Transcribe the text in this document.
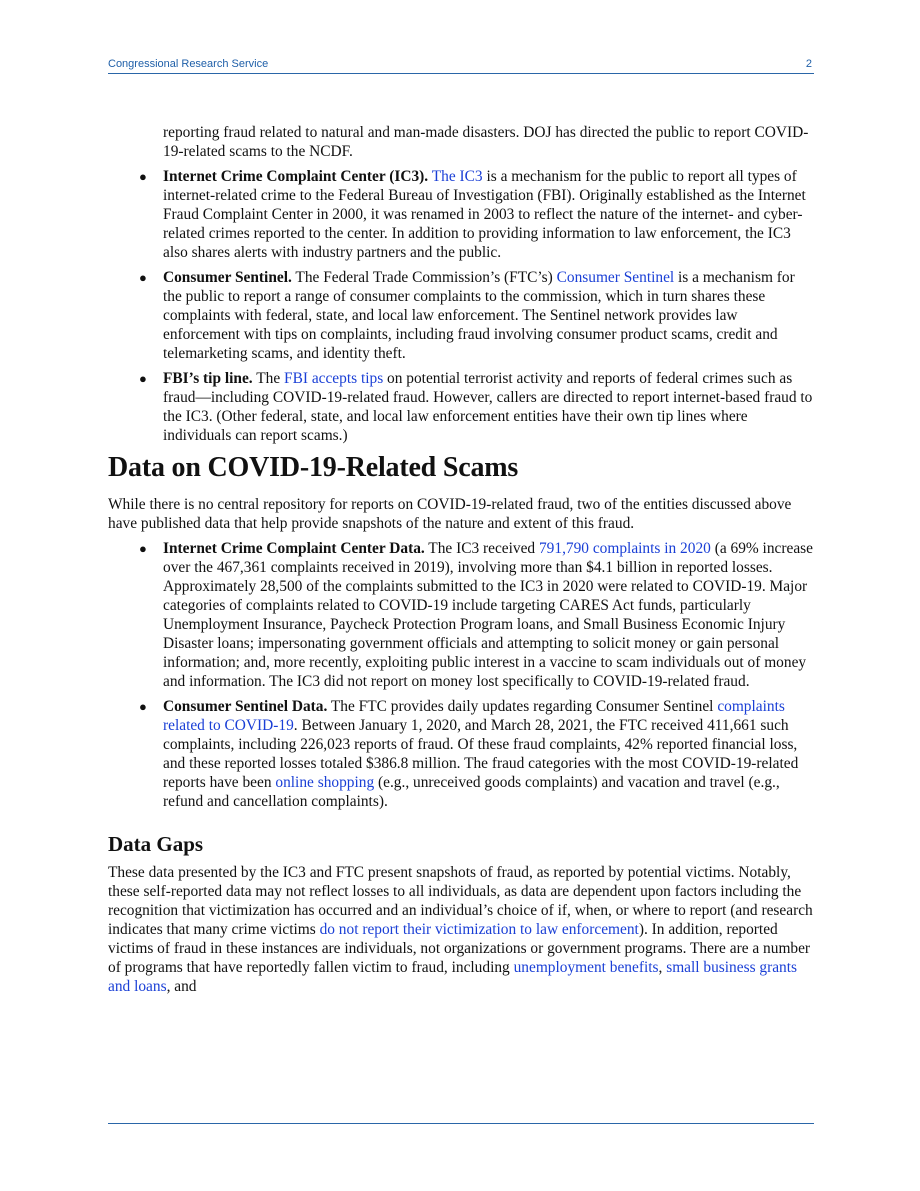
Congressional Research Service	2

reporting fraud related to natural and man-made disasters. DOJ has directed the public to report COVID-19-related scams to the NCDF.

● Internet Crime Complaint Center (IC3). The IC3 is a mechanism for the public to report all types of internet-related crime to the Federal Bureau of Investigation (FBI). Originally established as the Internet Fraud Complaint Center in 2000, it was renamed in 2003 to reflect the nature of the internet- and cyber-related crimes reported to the center. In addition to providing information to law enforcement, the IC3 also shares alerts with industry partners and the public.
● Consumer Sentinel. The Federal Trade Commission’s (FTC’s) Consumer Sentinel is a mechanism for the public to report a range of consumer complaints to the commission, which in turn shares these complaints with federal, state, and local law enforcement. The Sentinel network provides law enforcement with tips on complaints, including fraud involving consumer product scams, credit and telemarketing scams, and identity theft.
● FBI’s tip line. The FBI accepts tips on potential terrorist activity and reports of federal crimes such as fraud—including COVID-19-related fraud. However, callers are directed to report internet-based fraud to the IC3. (Other federal, state, and local law enforcement entities have their own tip lines where individuals can report scams.)
Data on COVID-19-Related Scams

While there is no central repository for reports on COVID-19-related fraud, two of the entities discussed above have published data that help provide snapshots of the nature and extent of this fraud.

● Internet Crime Complaint Center Data. The IC3 received 791,790 complaints in 2020 (a 69% increase over the 467,361 complaints received in 2019), involving more than $4.1 billion in reported losses. Approximately 28,500 of the complaints submitted to the IC3 in 2020 were related to COVID-19. Major categories of complaints related to COVID-19 include targeting CARES Act funds, particularly Unemployment Insurance, Paycheck Protection Program loans, and Small Business Economic Injury Disaster loans; impersonating government officials and attempting to solicit money or gain personal information; and, more recently, exploiting public interest in a vaccine to scam individuals out of money and information. The IC3 did not report on money lost specifically to COVID-19-related fraud.
● Consumer Sentinel Data. The FTC provides daily updates regarding Consumer Sentinel complaints related to COVID-19. Between January 1, 2020, and March 28, 2021, the FTC received 411,661 such complaints, including 226,023 reports of fraud. Of these fraud complaints, 42% reported financial loss, and these reported losses totaled $386.8 million. The fraud categories with the most COVID-19-related reports have been online shopping (e.g., unreceived goods complaints) and vacation and travel (e.g., refund and cancellation complaints).
Data Gaps

These data presented by the IC3 and FTC present snapshots of fraud, as reported by potential victims. Notably, these self-reported data may not reflect losses to all individuals, as data are dependent upon factors including the recognition that victimization has occurred and an individual’s choice of if, when, or where to report (and research indicates that many crime victims do not report their victimization to law enforcement). In addition, reported victims of fraud in these instances are individuals, not organizations or government programs. There are a number of programs that have reportedly fallen victim to fraud, including unemployment benefits, small business grants and loans, and
